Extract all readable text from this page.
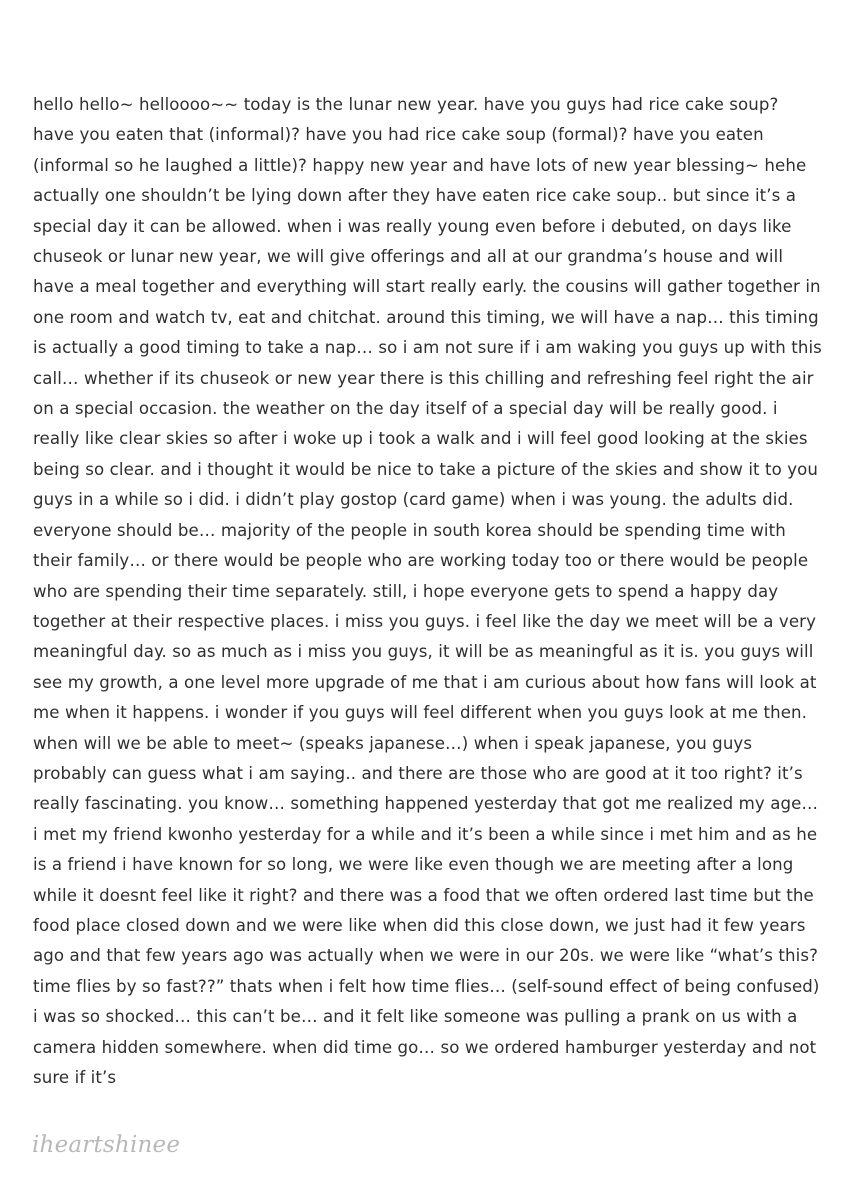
hello hello~ helloooo~~ today is the lunar new year. have you guys had rice cake soup? have you eaten that (informal)? have you had rice cake soup (formal)? have you eaten (informal so he laughed a little)? happy new year and have lots of new year blessing~ hehe actually one shouldn’t be lying down after they have eaten rice cake soup.. but since it’s a special day it can be allowed. when i was really young even before i debuted, on days like chuseok or lunar new year, we will give offerings and all at our grandma’s house and will have a meal together and everything will start really early. the cousins will gather together in one room and watch tv, eat and chitchat. around this timing, we will have a nap… this timing is actually a good timing to take a nap… so i am not sure if i am waking you guys up with this call… whether if its chuseok or new year there is this chilling and refreshing feel right the air on a special occasion. the weather on the day itself of a special day will be really good. i really like clear skies so after i woke up i took a walk and i will feel good looking at the skies being so clear. and i thought it would be nice to take a picture of the skies and show it to you guys in a while so i did. i didn’t play gostop (card game) when i was young. the adults did. everyone should be… majority of the people in south korea should be spending time with their family… or there would be people who are working today too or there would be people who are spending their time separately. still, i hope everyone gets to spend a happy day together at their respective places. i miss you guys. i feel like the day we meet will be a very meaningful day. so as much as i miss you guys, it will be as meaningful as it is. you guys will see my growth, a one level more upgrade of me that i am curious about how fans will look at me when it happens. i wonder if you guys will feel different when you guys look at me then. when will we be able to meet~ (speaks japanese…) when i speak japanese, you guys probably can guess what i am saying.. and there are those who are good at it too right? it’s really fascinating. you know… something happened yesterday that got me realized my age… i met my friend kwonho yesterday for a while and it’s been a while since i met him and as he is a friend i have known for so long, we were like even though we are meeting after a long while it doesnt feel like it right? and there was a food that we often ordered last time but the food place closed down and we were like when did this close down, we just had it few years ago and that few years ago was actually when we were in our 20s. we were like “what’s this? time flies by so fast??” thats when i felt how time flies… (self-sound effect of being confused) i was so shocked… this can’t be… and it felt like someone was pulling a prank on us with a camera hidden somewhere. when did time go… so we ordered hamburger yesterday and not sure if it’s

iheartshinee
